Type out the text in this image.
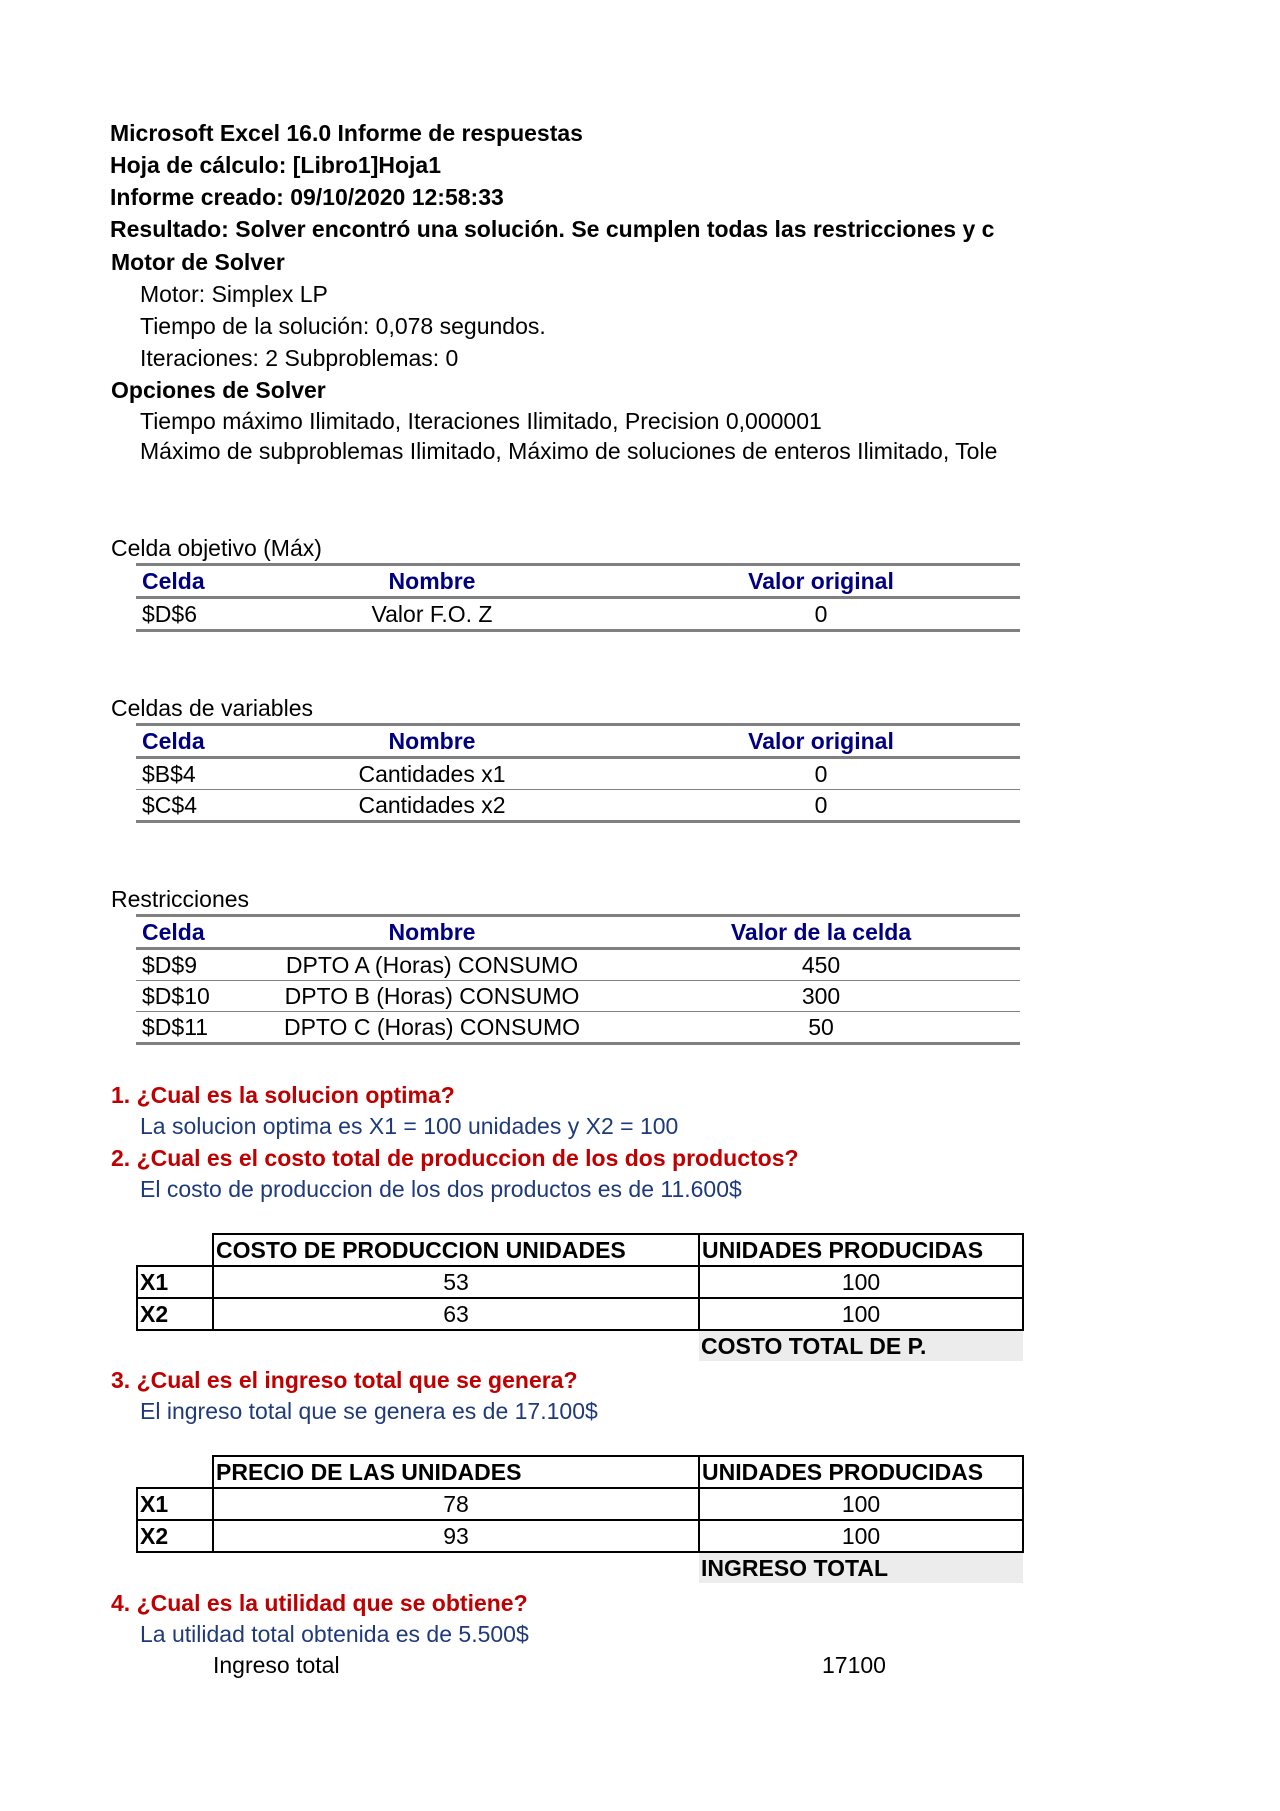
Microsoft Excel 16.0 Informe de respuestas
Hoja de cálculo: [Libro1]Hoja1
Informe creado: 09/10/2020 12:58:33
Resultado: Solver encontró una solución. Se cumplen todas las restricciones y c
Motor de Solver
Motor: Simplex LP
Tiempo de la solución: 0,078 segundos.
Iteraciones: 2 Subproblemas: 0
Opciones de Solver
Tiempo máximo Ilimitado, Iteraciones Ilimitado, Precision 0,000001
Máximo de subproblemas Ilimitado, Máximo de soluciones de enteros Ilimitado, Tole
Celda objetivo (Máx)
Celda	Nombre	Valor original
$D$6	Valor F.O. Z	0
Celdas de variables
Celda	Nombre	Valor original
$B$4	Cantidades x1	0
$C$4	Cantidades x2	0
Restricciones
Celda	Nombre	Valor de la celda
$D$9	DPTO A (Horas) CONSUMO	450
$D$10	DPTO B (Horas) CONSUMO	300
$D$11	DPTO C (Horas) CONSUMO	50
1. ¿Cual es la solucion optima?
La solucion optima es X1 = 100 unidades y X2 = 100
2. ¿Cual es el costo total de produccion de los dos productos?
El costo de produccion de los dos productos es de 11.600$
	COSTO DE PRODUCCION UNIDADES	UNIDADES PRODUCIDAS
X1	53	100
X2	63	100
		COSTO TOTAL DE P.
3. ¿Cual es el ingreso total que se genera?
El ingreso total que se genera es de 17.100$
	PRECIO DE LAS UNIDADES	UNIDADES PRODUCIDAS
X1	78	100
X2	93	100
		INGRESO TOTAL
4. ¿Cual es la utilidad que se obtiene?
La utilidad total obtenida es de 5.500$
Ingreso total	17100
